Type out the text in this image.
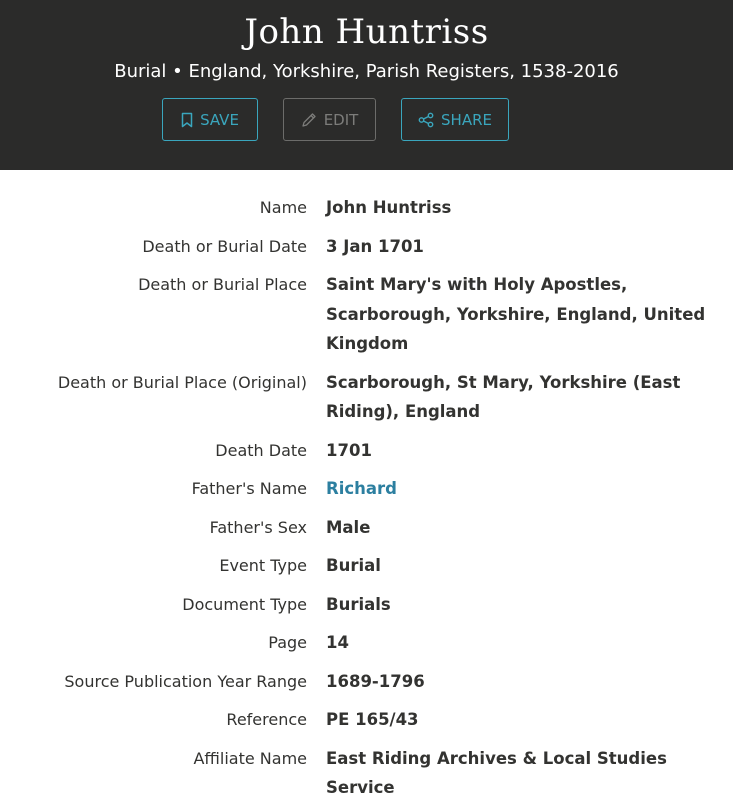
John Huntriss
Burial • England, Yorkshire, Parish Registers, 1538-2016
SAVE	EDIT	SHARE
Name	John Huntriss
Death or Burial Date	3 Jan 1701
Death or Burial Place	Saint Mary's with Holy Apostles, Scarborough, Yorkshire, England, United Kingdom
Death or Burial Place (Original)	Scarborough, St Mary, Yorkshire (East Riding), England
Death Date	1701
Father's Name	Richard
Father's Sex	Male
Event Type	Burial
Document Type	Burials
Page	14
Source Publication Year Range	1689-1796
Reference	PE 165/43
Affiliate Name	East Riding Archives & Local Studies Service
